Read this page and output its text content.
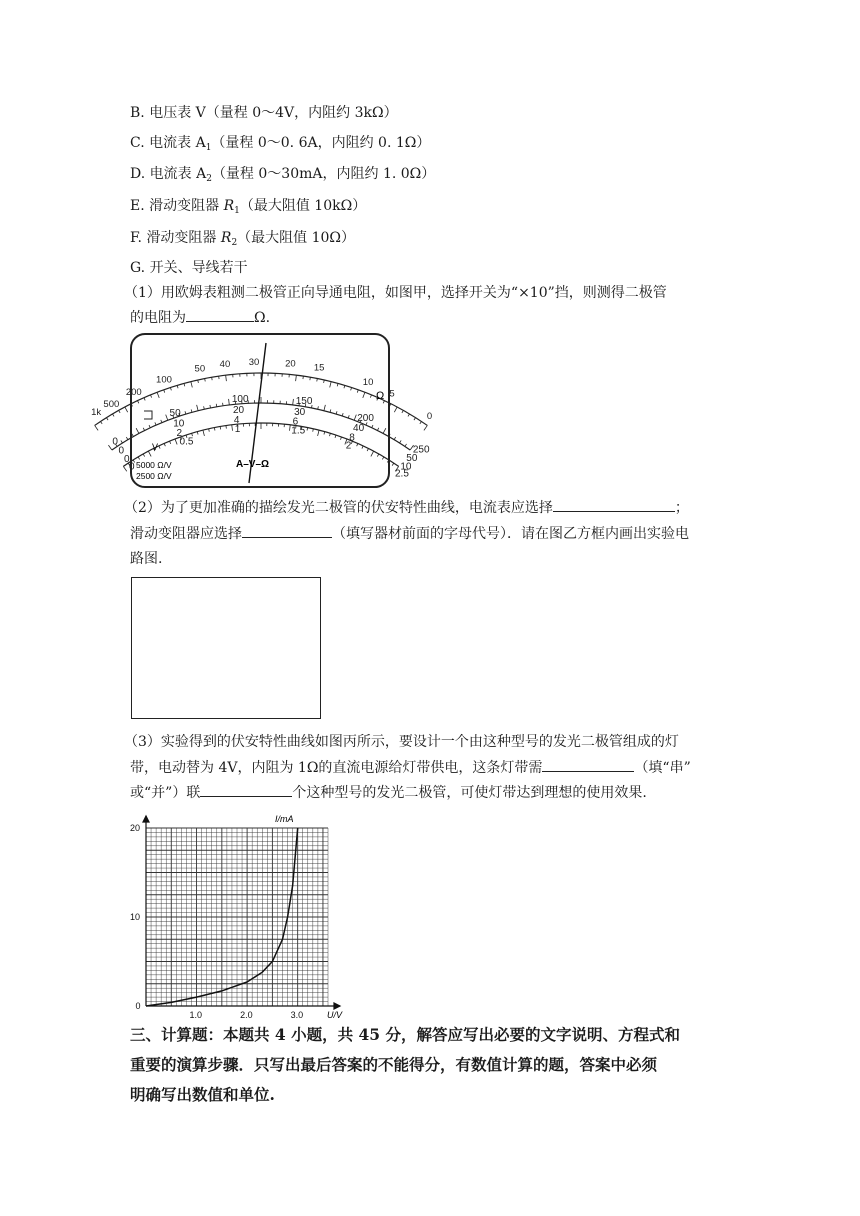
B. 电压表 V（量程 0～4V，内阻约 3kΩ）
C. 电流表 $A_1$（量程 0～0. 6A，内阻约 0. 1Ω）
D. 电流表 $A_2$（量程 0～30mA，内阻约 1. 0Ω）
E. 滑动变阻器 $R_1$（最大阻值 10kΩ）
F. 滑动变阻器 $R_2$（最大阻值 10Ω）
G. 开关、导线若干
（1）用欧姆表粗测二极管正向导通电阻，如图甲，选择开关为“×10”挡，则测得二极管
的电阻为	Ω.
1k
500
200
100
50 40 30	20 15
10
5
0
0
50
100	150
200
250
0
10
20	30
40
50
0
2
4	6
8
10
0
0.5
1	1.5
2
2.5
Ω
V
5000 Ω/V
2500 Ω/V
A–V–Ω
（2）为了更加准确的描绘发光二极管的伏安特性曲线，电流表应选择	；
滑动变阻器应选择	（填写器材前面的字母代号）．请在图乙方框内画出实验电
路图.
（3）实验得到的伏安特性曲线如图丙所示，要设计一个由这种型号的发光二极管组成的灯
带，电动替为 4V，内阻为 1Ω的直流电源给灯带供电，这条灯带需	（填“串”
或“并”）联	个这种型号的发光二极管，可使灯带达到理想的使用效果.
1.0	2.0	3.0
0
10
20
I/mA
U/V
三、计算题：本题共 4 小题，共 45 分，解答应写出必要的文字说明、方程式和
重要的演算步骤．只写出最后答案的不能得分，有数值计算的题，答案中必须
明确写出数值和单位.
